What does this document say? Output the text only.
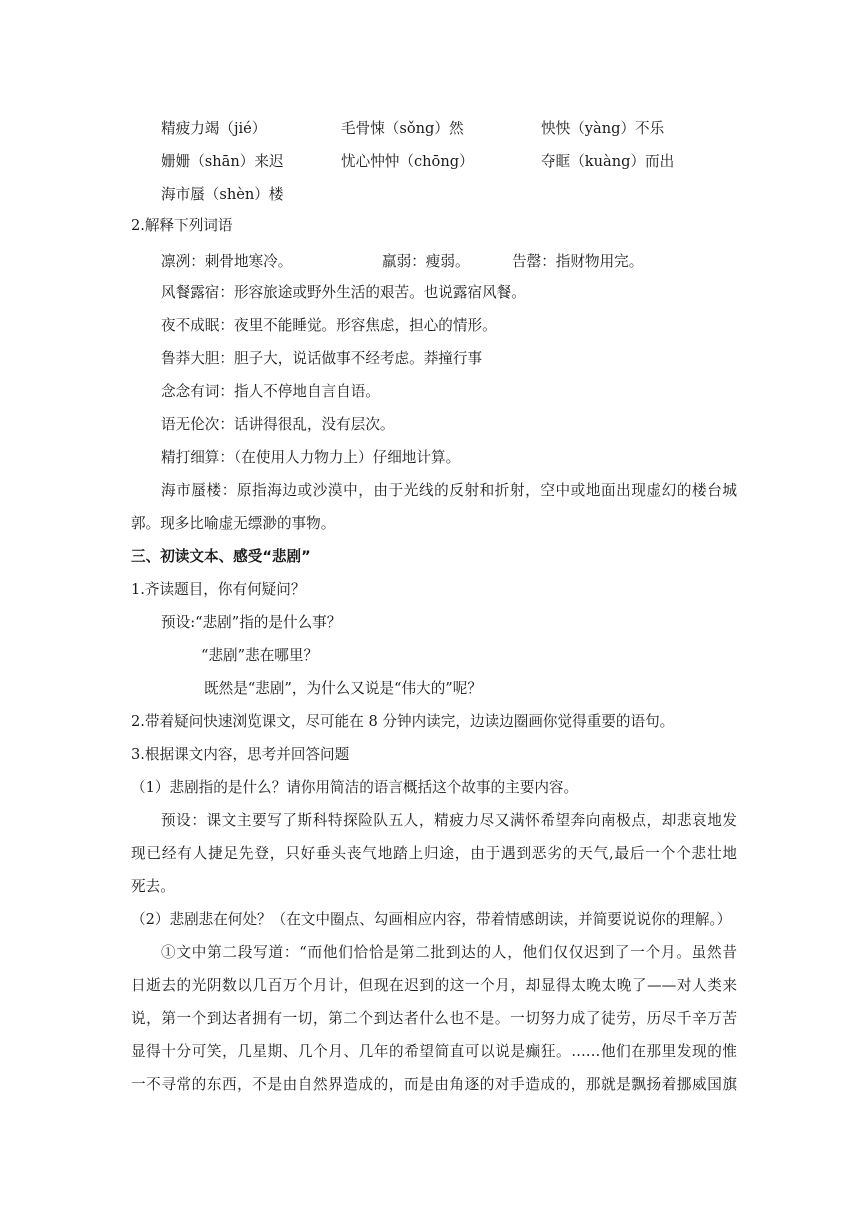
精疲力竭（jié）	毛骨悚（sǒng）然	怏怏（yàng）不乐
姗姗（shān）来迟	忧心忡忡（chōng）	夺眶（kuàng）而出
海市蜃（shèn）楼
2.解释下列词语
凛冽：刺骨地寒冷。	羸弱：瘦弱。	告罄：指财物用完。
风餐露宿：形容旅途或野外生活的艰苦。也说露宿风餐。
夜不成眠：夜里不能睡觉。形容焦虑，担心的情形。
鲁莽大胆：胆子大，说话做事不经考虑。莽撞行事
念念有词：指人不停地自言自语。
语无伦次：话讲得很乱，没有层次。
精打细算：（在使用人力物力上）仔细地计算。
海市蜃楼：原指海边或沙漠中，由于光线的反射和折射，空中或地面出现虚幻的楼台城
郭。现多比喻虚无缥渺的事物。
三、初读文本、感受“悲剧”
1.齐读题目，你有何疑问？
预设:“悲剧”指的是什么事？
“悲剧”悲在哪里？
既然是“悲剧”，为什么又说是“伟大的”呢？
2.带着疑问快速浏览课文，尽可能在 8 分钟内读完，边读边圈画你觉得重要的语句。
3.根据课文内容，思考并回答问题
（1）悲剧指的是什么？请你用简洁的语言概括这个故事的主要内容。
预设：课文主要写了斯科特探险队五人，精疲力尽又满怀希望奔向南极点，却悲哀地发
现已经有人捷足先登，只好垂头丧气地踏上归途，由于遇到恶劣的天气,最后一个个悲壮地
死去。
（2）悲剧悲在何处？（在文中圈点、勾画相应内容，带着情感朗读，并简要说说你的理解。）
①文中第二段写道：“而他们恰恰是第二批到达的人，他们仅仅迟到了一个月。虽然昔
日逝去的光阴数以几百万个月计，但现在迟到的这一个月，却显得太晚太晚了——对人类来
说，第一个到达者拥有一切，第二个到达者什么也不是。一切努力成了徒劳，历尽千辛万苦
显得十分可笑，几星期、几个月、几年的希望简直可以说是癫狂。……他们在那里发现的惟
一不寻常的东西，不是由自然界造成的，而是由角逐的对手造成的，那就是飘扬着挪威国旗
